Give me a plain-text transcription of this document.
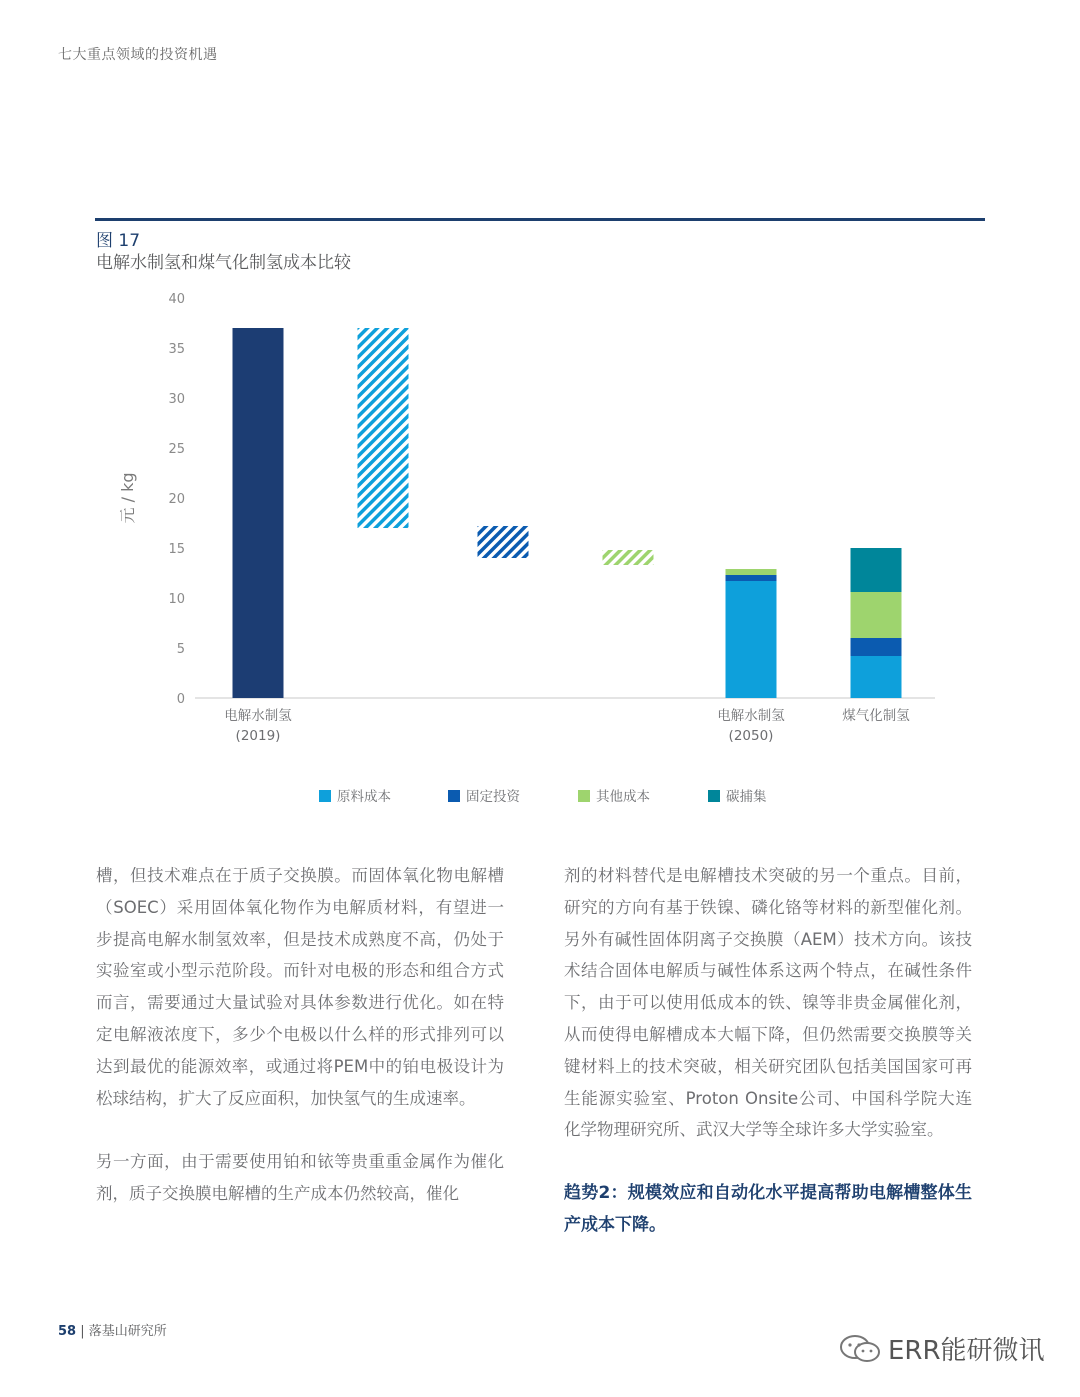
七大重点领域的投资机遇
图 17
电解水制氢和煤气化制氢成本比较
0
5
10
15
20
25
30
35
40
元 / kg
电解水制氢
(2019)
电解水制氢
(2050)
煤气化制氢
原料成本	固定投资	其他成本	碳捕集

槽，但技术难点在于质子交换膜。而固体氧化物电解槽（SOEC）采用固体氧化物作为电解质材料，有望进一步提高电解水制氢效率，但是技术成熟度不高，仍处于实验室或小型示范阶段。而针对电极的形态和组合方式而言，需要通过大量试验对具体参数进行优化。如在特定电解液浓度下，多少个电极以什么样的形式排列可以达到最优的能源效率，或通过将PEM中的铂电极设计为松球结构，扩大了反应面积，加快氢气的生成速率。

另一方面，由于需要使用铂和铱等贵重重金属作为催化剂，质子交换膜电解槽的生产成本仍然较高，催化

剂的材料替代是电解槽技术突破的另一个重点。目前，研究的方向有基于铁镍、磷化铬等材料的新型催化剂。另外有碱性固体阴离子交换膜（AEM）技术方向。该技术结合固体电解质与碱性体系这两个特点，在碱性条件下，由于可以使用低成本的铁、镍等非贵金属催化剂，从而使得电解槽成本大幅下降，但仍然需要交换膜等关键材料上的技术突破，相关研究团队包括美国国家可再生能源实验室、Proton Onsite公司、中国科学院大连化学物理研究所、武汉大学等全球许多大学实验室。

趋势2：规模效应和自动化水平提高帮助电解槽整体生产成本下降。

58 | 落基山研究所
ERR能研微讯
